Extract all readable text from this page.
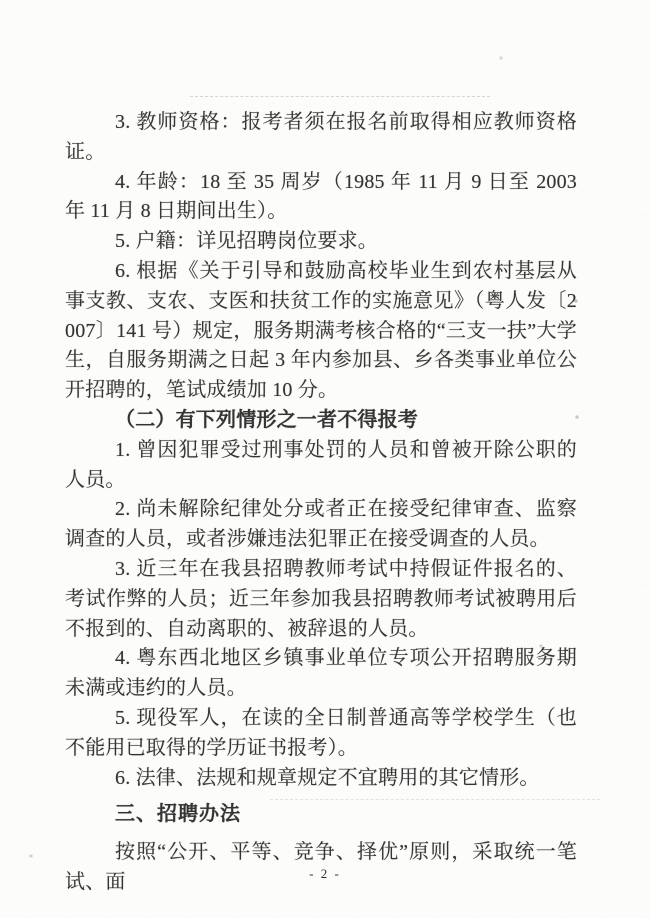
3. 教师资格：报考者须在报名前取得相应教师资格证。

4. 年龄：18 至 35 周岁（1985 年 11 月 9 日至 2003 年 11 月 8 日期间出生）。

5. 户籍：详见招聘岗位要求。

6. 根据《关于引导和鼓励高校毕业生到农村基层从事支教、支农、支医和扶贫工作的实施意见》（粤人发〔2007〕141 号）规定，服务期满考核合格的“三支一扶”大学生，自服务期满之日起 3 年内参加县、乡各类事业单位公开招聘的，笔试成绩加 10 分。

（二）有下列情形之一者不得报考

1. 曾因犯罪受过刑事处罚的人员和曾被开除公职的人员。

2. 尚未解除纪律处分或者正在接受纪律审查、监察调查的人员，或者涉嫌违法犯罪正在接受调查的人员。

3. 近三年在我县招聘教师考试中持假证件报名的、考试作弊的人员；近三年参加我县招聘教师考试被聘用后不报到的、自动离职的、被辞退的人员。

4. 粤东西北地区乡镇事业单位专项公开招聘服务期未满或违约的人员。

5. 现役军人，在读的全日制普通高等学校学生（也不能用已取得的学历证书报考）。

6. 法律、法规和规章规定不宜聘用的其它情形。

三、招聘办法

按照“公开、平等、竞争、择优”原则，采取统一笔试、面	- 2 -
